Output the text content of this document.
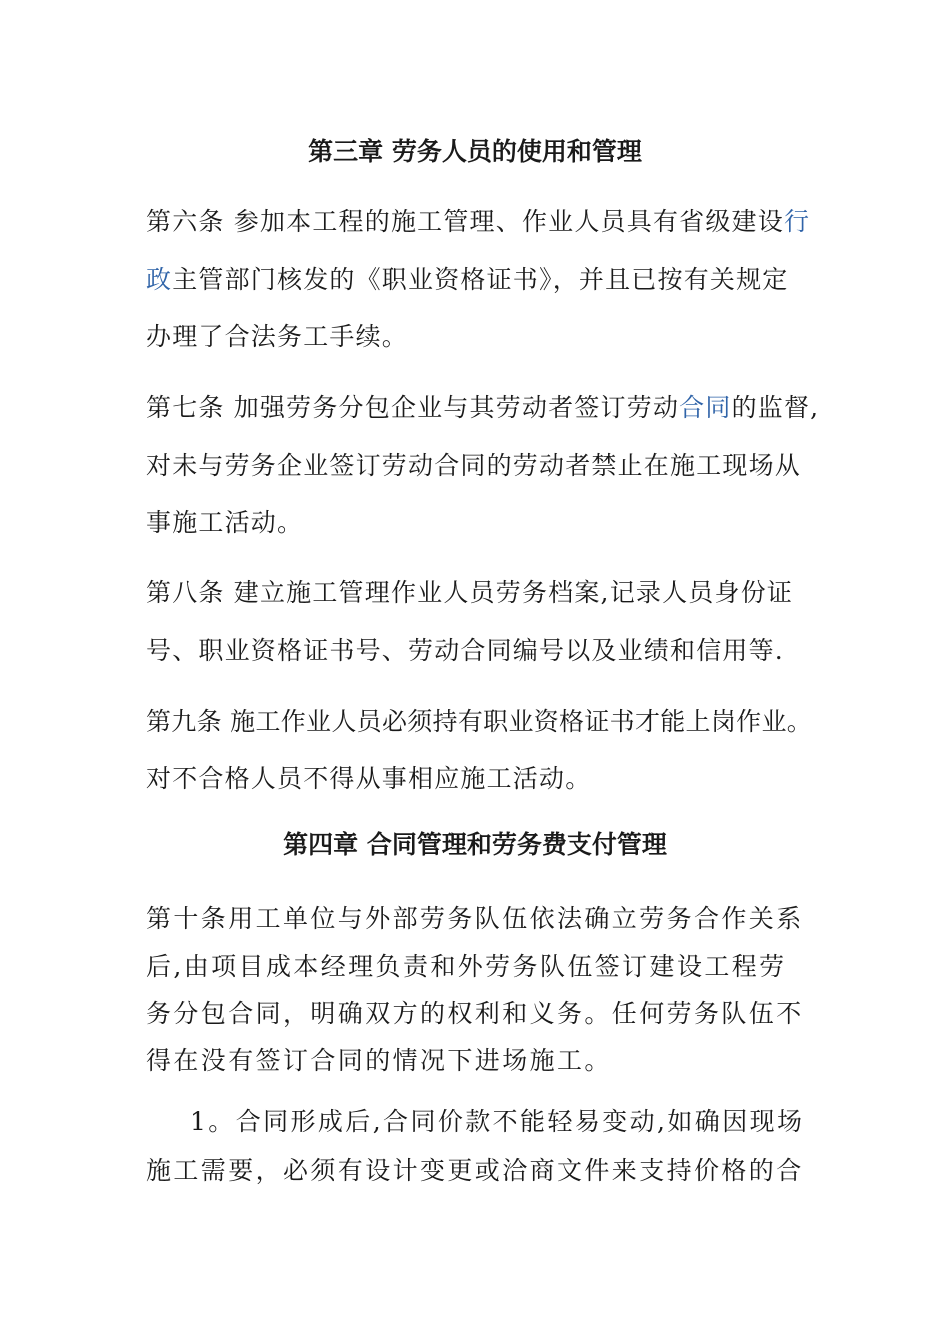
第三章 劳务人员的使用和管理
第六条 参加本工程的施工管理、作业人员具有省级建设行
政主管部门核发的《职业资格证书》，并且已按有关规定
办理了合法务工手续。
第七条 加强劳务分包企业与其劳动者签订劳动合同的监督,
对未与劳务企业签订劳动合同的劳动者禁止在施工现场从
事施工活动。
第八条 建立施工管理作业人员劳务档案,记录人员身份证
号、职业资格证书号、劳动合同编号以及业绩和信用等.
第九条 施工作业人员必须持有职业资格证书才能上岗作业。
对不合格人员不得从事相应施工活动。
第四章 合同管理和劳务费支付管理
第十条用工单位与外部劳务队伍依法确立劳务合作关系
后,由项目成本经理负责和外劳务队伍签订建设工程劳
务分包合同，明确双方的权利和义务。任何劳务队伍不
得在没有签订合同的情况下进场施工。
1。合同形成后,合同价款不能轻易变动,如确因现场
施工需要，必须有设计变更或洽商文件来支持价格的合
